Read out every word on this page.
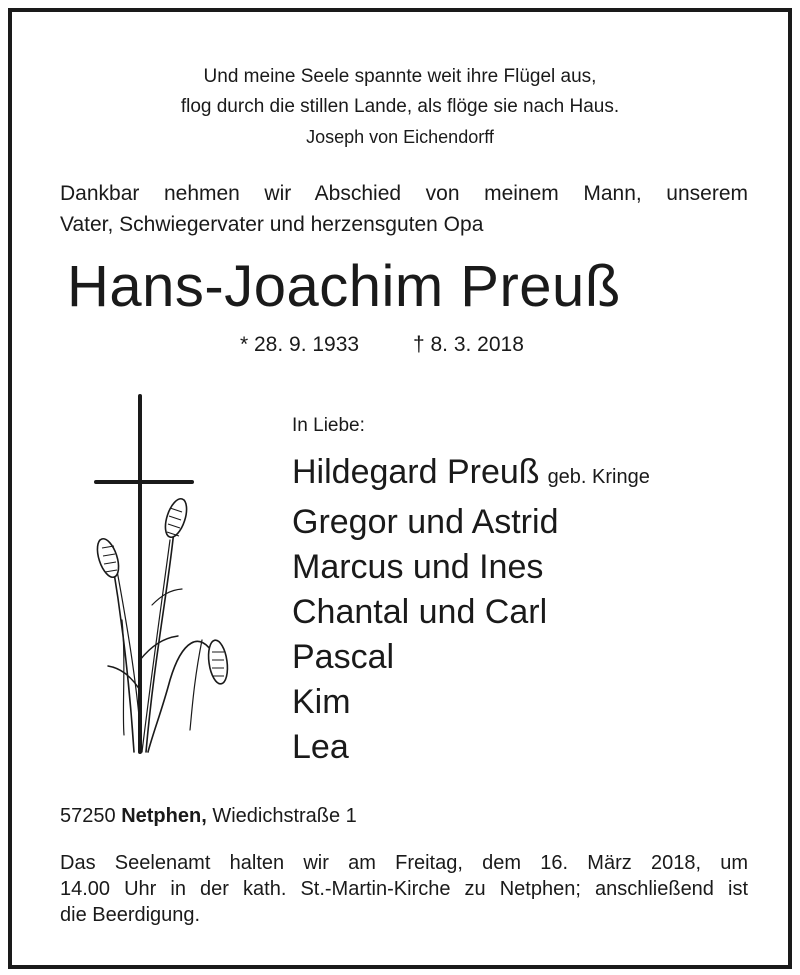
Und meine Seele spannte weit ihre Flügel aus,
flog durch die stillen Lande, als flöge sie nach Haus.
Joseph von Eichendorff
Dankbar nehmen wir Abschied von meinem Mann, unserem
Vater, Schwiegervater und herzensguten Opa
Hans-Joachim Preuß
* 28. 9. 1933	† 8. 3. 2018
In Liebe:
Hildegard Preuß geb. Kringe
Gregor und Astrid
Marcus und Ines
Chantal und Carl
Pascal
Kim
Lea
57250 Netphen, Wiedichstraße 1
Das Seelenamt halten wir am Freitag, dem 16. März 2018, um
14.00 Uhr in der kath. St.-Martin-Kirche zu Netphen; anschließend ist
die Beerdigung.
